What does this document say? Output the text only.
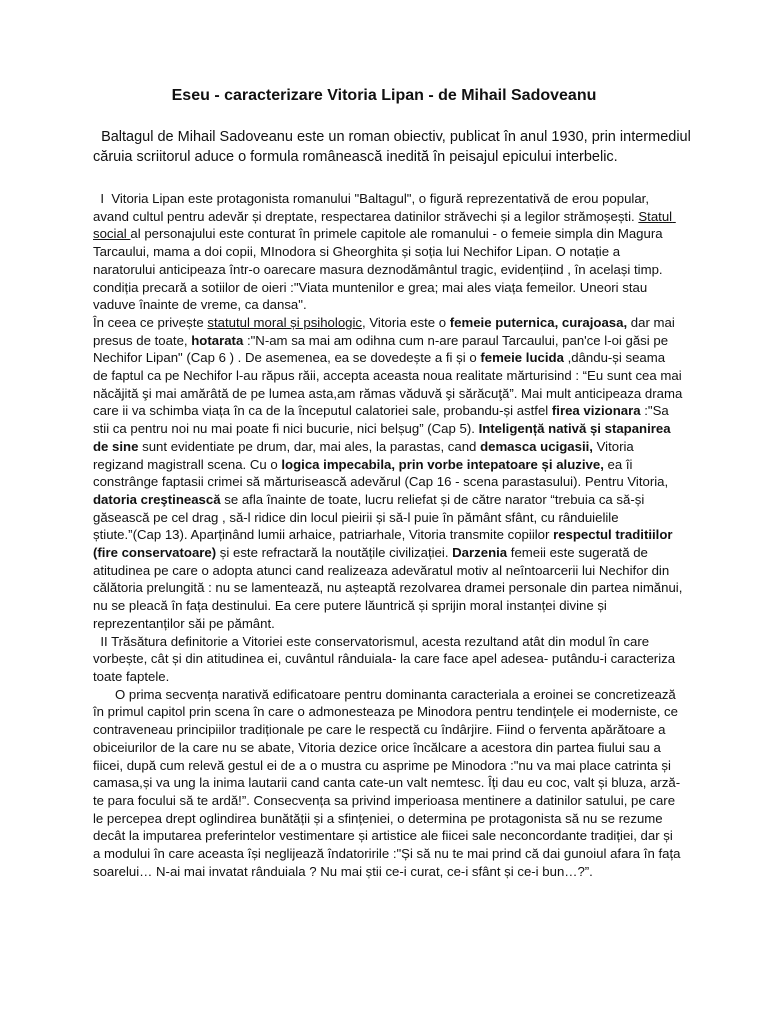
Eseu - caracterizare Vitoria Lipan - de Mihail Sadoveanu
Baltagul de Mihail Sadoveanu este un roman obiectiv, publicat în anul 1930, prin intermediul căruia scriitorul aduce o formula românească inedită în peisajul epicului interbelic.

I  Vitoria Lipan este protagonista romanului "Baltagul", o figură reprezentativă de erou popular, avand cultul pentru adevăr și dreptate, respectarea datinilor străvechi și a legilor strămoșești. Statul social al personajului este conturat în primele capitole ale romanului - o femeie simpla din Magura Tarcaului, mama a doi copii, MInodora si Gheorghita și soția lui Nechifor Lipan. O notație a naratorului anticipeaza într-o oarecare masura deznodământul tragic, evidențiind , în același timp. condiția precară a sotiilor de oieri :"Viata muntenilor e grea; mai ales viața femeilor. Uneori stau vaduve înainte de vreme, ca dansa".

În ceea ce privește statutul moral și psihologic, Vitoria este o femeie puternica, curajoasa, dar mai presus de toate, hotarata :"N-am sa mai am odihna cum n-are paraul Tarcaului, pan'ce l-oi găsi pe Nechifor Lipan" (Cap 6 ) . De asemenea, ea se dovedește a fi și o femeie lucida ,dându-și seama de faptul ca pe Nechifor l-au răpus răii, accepta aceasta noua realitate mărturisind : “Eu sunt cea mai năcăjită şi mai amărâtă de pe lumea asta,am rămas văduvă şi sărăcuţă”. Mai mult anticipeaza drama care ii va schimba viața în ca de la începutul calatoriei sale, probandu-și astfel firea vizionara :"Sa stii ca pentru noi nu mai poate fi nici bucurie, nici belșug” (Cap 5). Inteligență nativă și stapanirea de sine sunt evidentiate pe drum, dar, mai ales, la parastas, cand demasca ucigasii, Vitoria regizand magistrall scena. Cu o logica impecabila, prin vorbe intepatoare și aluzive, ea îi constrânge faptasii crimei să mărturisească adevărul (Cap 16 - scena parastasului). Pentru Vitoria, datoria creştinească se afla înainte de toate, lucru reliefat și de către narator “trebuia ca să-și găsească pe cel drag , să-l ridice din locul pieirii și să-l puie în pământ sfânt, cu rânduielile știute.”(Cap 13). Aparținând lumii arhaice, patriarhale, Vitoria transmite copiilor respectul traditiilor (fire conservatoare) și este refractară la noutățile civilizației. Darzenia femeii este sugerată de atitudinea pe care o adopta atunci cand realizeaza adevăratul motiv al neîntoarcerii lui Nechifor din călătoria prelungită : nu se lamentează, nu așteaptă rezolvarea dramei personale din partea nimănui, nu se pleacă în fața destinului. Ea cere putere lăuntrică și sprijin moral instanței divine și reprezentanților săi pe pământ.

II Trăsătura definitorie a Vitoriei este conservatorismul, acesta rezultand atât din modul în care vorbește, cât și din atitudinea ei, cuvântul rânduiala- la care face apel adesea- putându-i caracteriza toate faptele.

O prima secvența narativă edificatoare pentru dominanta caracteriala a eroinei se concretizează în primul capitol prin scena în care o admonesteaza pe Minodora pentru tendințele ei moderniste, ce contraveneau principiilor tradiționale pe care le respectă cu îndârjire. Fiind o ferventa apărătoare a obiceiurilor de la care nu se abate, Vitoria dezice orice încălcare a acestora din partea fiului sau a fiicei, după cum relevă gestul ei de a o mustra cu asprime pe Minodora :"nu va mai place catrinta și camasa,și va ung la inima lautarii cand canta cate-un valt nemtesc. Îți dau eu coc, valt și bluza, arză-te para focului să te ardă!”. Consecvența sa privind imperioasa mentinere a datinilor satului, pe care le percepea drept oglindirea bunătății și a sfințeniei, o determina pe protagonista să nu se rezume decât la imputarea preferintelor vestimentare și artistice ale fiicei sale neconcordante tradiției, dar și a modului în care aceasta își neglijează îndatoririle :"Și să nu te mai prind că dai gunoiul afara în fața soarelui… N-ai mai invatat rânduiala ? Nu mai știi ce-i curat, ce-i sfânt și ce-i bun…?”.
